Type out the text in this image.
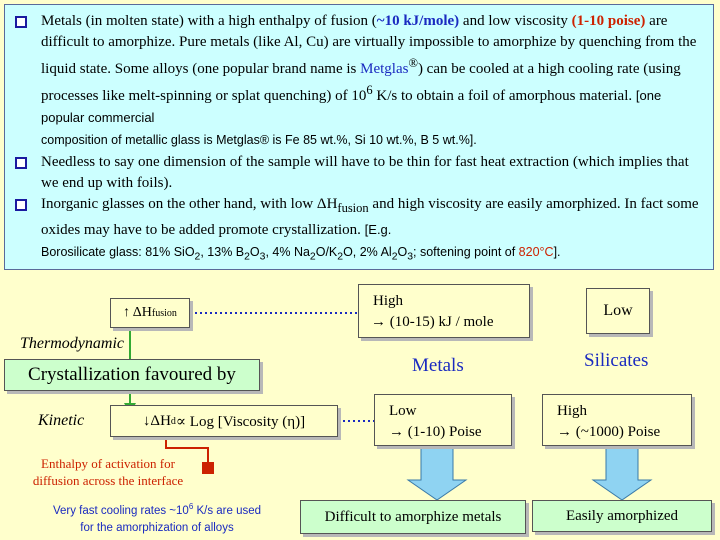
Metals (in molten state) with a high enthalpy of fusion (~10 kJ/mole) and low viscosity (1-10 poise) are difficult to amorphize. Pure metals (like Al, Cu) are virtually impossible to amorphize by quenching from the liquid state. Some alloys (one popular brand name is Metglas®) can be cooled at a high cooling rate (using processes like melt-spinning or splat quenching) of $10^6$ K/s to obtain a foil of amorphous material. [one popular commercial
composition of metallic glass is Metglas® is Fe 85 wt.%, Si 10 wt.%, B 5 wt.%].
Needless to say one dimension of the sample will have to be thin for fast heat extraction (which implies that we end up with foils).
Inorganic glasses on the other hand, with low $\Delta H_{fusion}$ and high viscosity are easily amorphized. In fact some oxides may have to be added promote crystallization. [E.g.
Borosilicate glass: 81% SiO$_2$, 13% $B_2O_3$, 4% $Na_2O/K_2O$, 2% $Al_2O_3$; softening point of 820°C].
↑ ΔH fusion
Thermodynamic
Crystallization favoured by
Kinetic	↓ΔH d ∝ Log [Viscosity (η)]
Enthalpy of activation for
diffusion across the interface
Very fast cooling rates $\sim 10^6$ K/s are used
for the amorphization of alloys
High
→ (10-15) kJ / mole
Metals
Low
→ (1-10) Poise
Difficult to amorphize metals
Low
Silicates
High
→ (~1000) Poise
Easily amorphized
